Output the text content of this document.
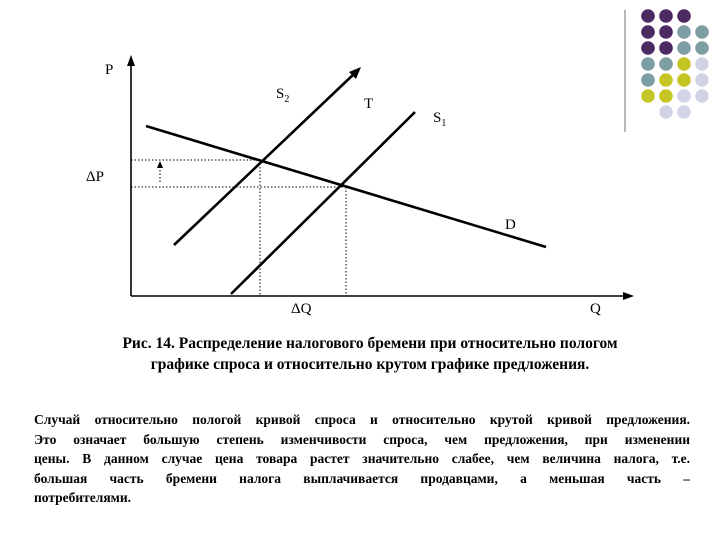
P
Q
$S_2$
$S_1$
T
D
ΔP
ΔQ
Рис. 14. Распределение налогового бремени при относительно пологом
графике спроса и относительно крутом графике предложения.
Случай относительно пологой кривой спроса и относительно крутой кривой предложения.
Это означает большую степень изменчивости спроса, чем предложения, при изменении
цены. В данном случае цена товара растет значительно слабее, чем величина налога, т.е.
большая часть бремени налога выплачивается продавцами, а меньшая часть –
потребителями.
